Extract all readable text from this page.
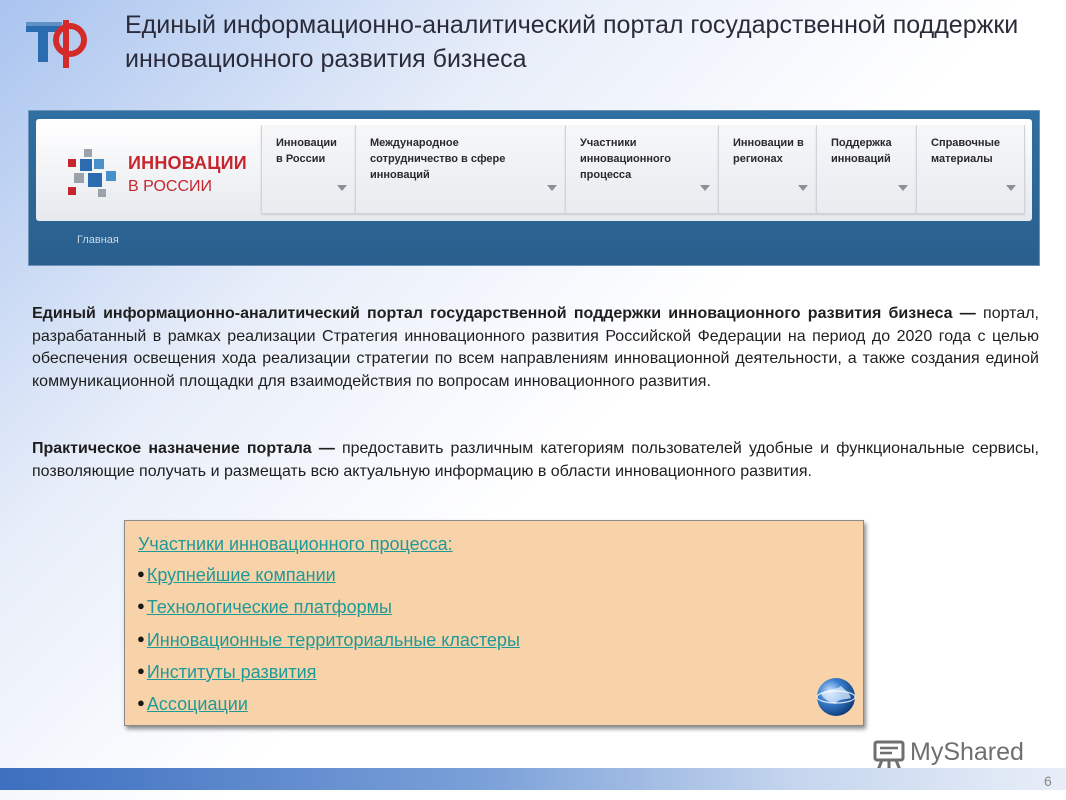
Единый информационно-аналитический портал государственной поддержки инновационного развития бизнеса
ИННОВАЦИИ
В РОССИИ
Инновации в России
Международное сотрудничество в сфере инноваций
Участники инновационного процесса
Инновации в регионах
Поддержка инноваций
Справочные материалы
Главная
Единый информационно-аналитический портал государственной поддержки инновационного развития бизнеса — портал, разрабатанный в рамках реализации Стратегия инновационного развития Российской Федерации на период до 2020 года с целью обеспечения освещения хода реализации стратегии по всем направлениям инновационной деятельности, а также создания единой коммуникационной площадки для взаимодействия по вопросам инновационного развития.
Практическое назначение портала — предоставить различным категориям пользователей удобные и функциональные сервисы, позволяющие получать и размещать всю актуальную информацию в области инновационного развития.
Участники инновационного процесса:
● Крупнейшие компании
● Технологические платформы
● Инновационные территориальные кластеры
● Институты развития
● Ассоциации
MyShared
6
